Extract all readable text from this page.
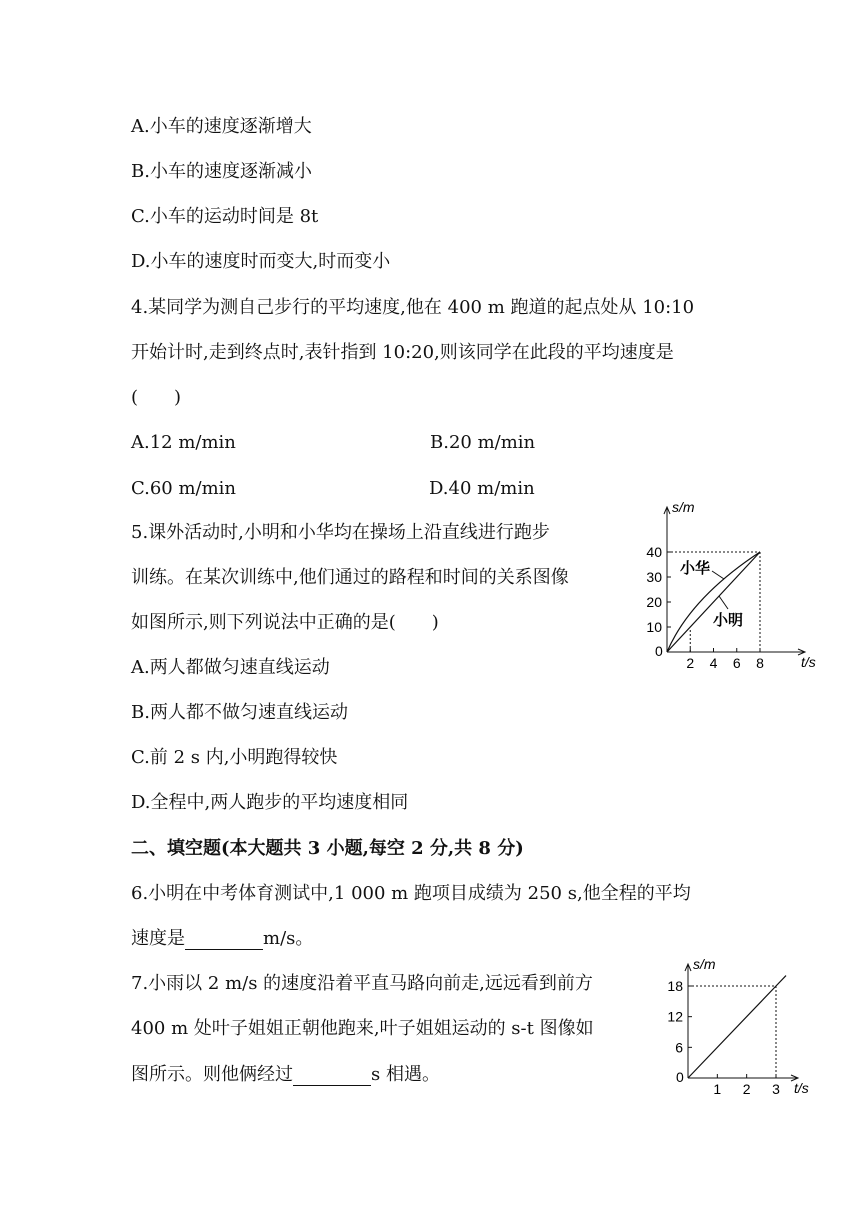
A.小车的速度逐渐增大
B.小车的速度逐渐减小
C.小车的运动时间是 8t
D.小车的速度时而变大,时而变小
4.某同学为测自己步行的平均速度,他在 400 m 跑道的起点处从 10:10
开始计时,走到终点时,表针指到 10:20,则该同学在此段的平均速度是
(　　)
A.12 m/min	B.20 m/min
C.60 m/min	D.40 m/min
5.课外活动时,小明和小华均在操场上沿直线进行跑步
训练。在某次训练中,他们通过的路程和时间的关系图像
如图所示,则下列说法中正确的是(　　)
A.两人都做匀速直线运动
B.两人都不做匀速直线运动
C.前 2 s 内,小明跑得较快
D.全程中,两人跑步的平均速度相同
二、填空题(本大题共 3 小题,每空 2 分,共 8 分)
6.小明在中考体育测试中,1 000 m 跑项目成绩为 250 s,他全程的平均
速度是	m/s。
7.小雨以 2 m/s 的速度沿着平直马路向前走,远远看到前方
400 m 处叶子姐姐正朝他跑来,叶子姐姐运动的 s-t 图像如
图所示。则他俩经过	s 相遇。
s/m
t/s
0
2 4 6 8
10
20
30
40
小华
小明
s/m
t/s
0
1 2 3
6
12
18
